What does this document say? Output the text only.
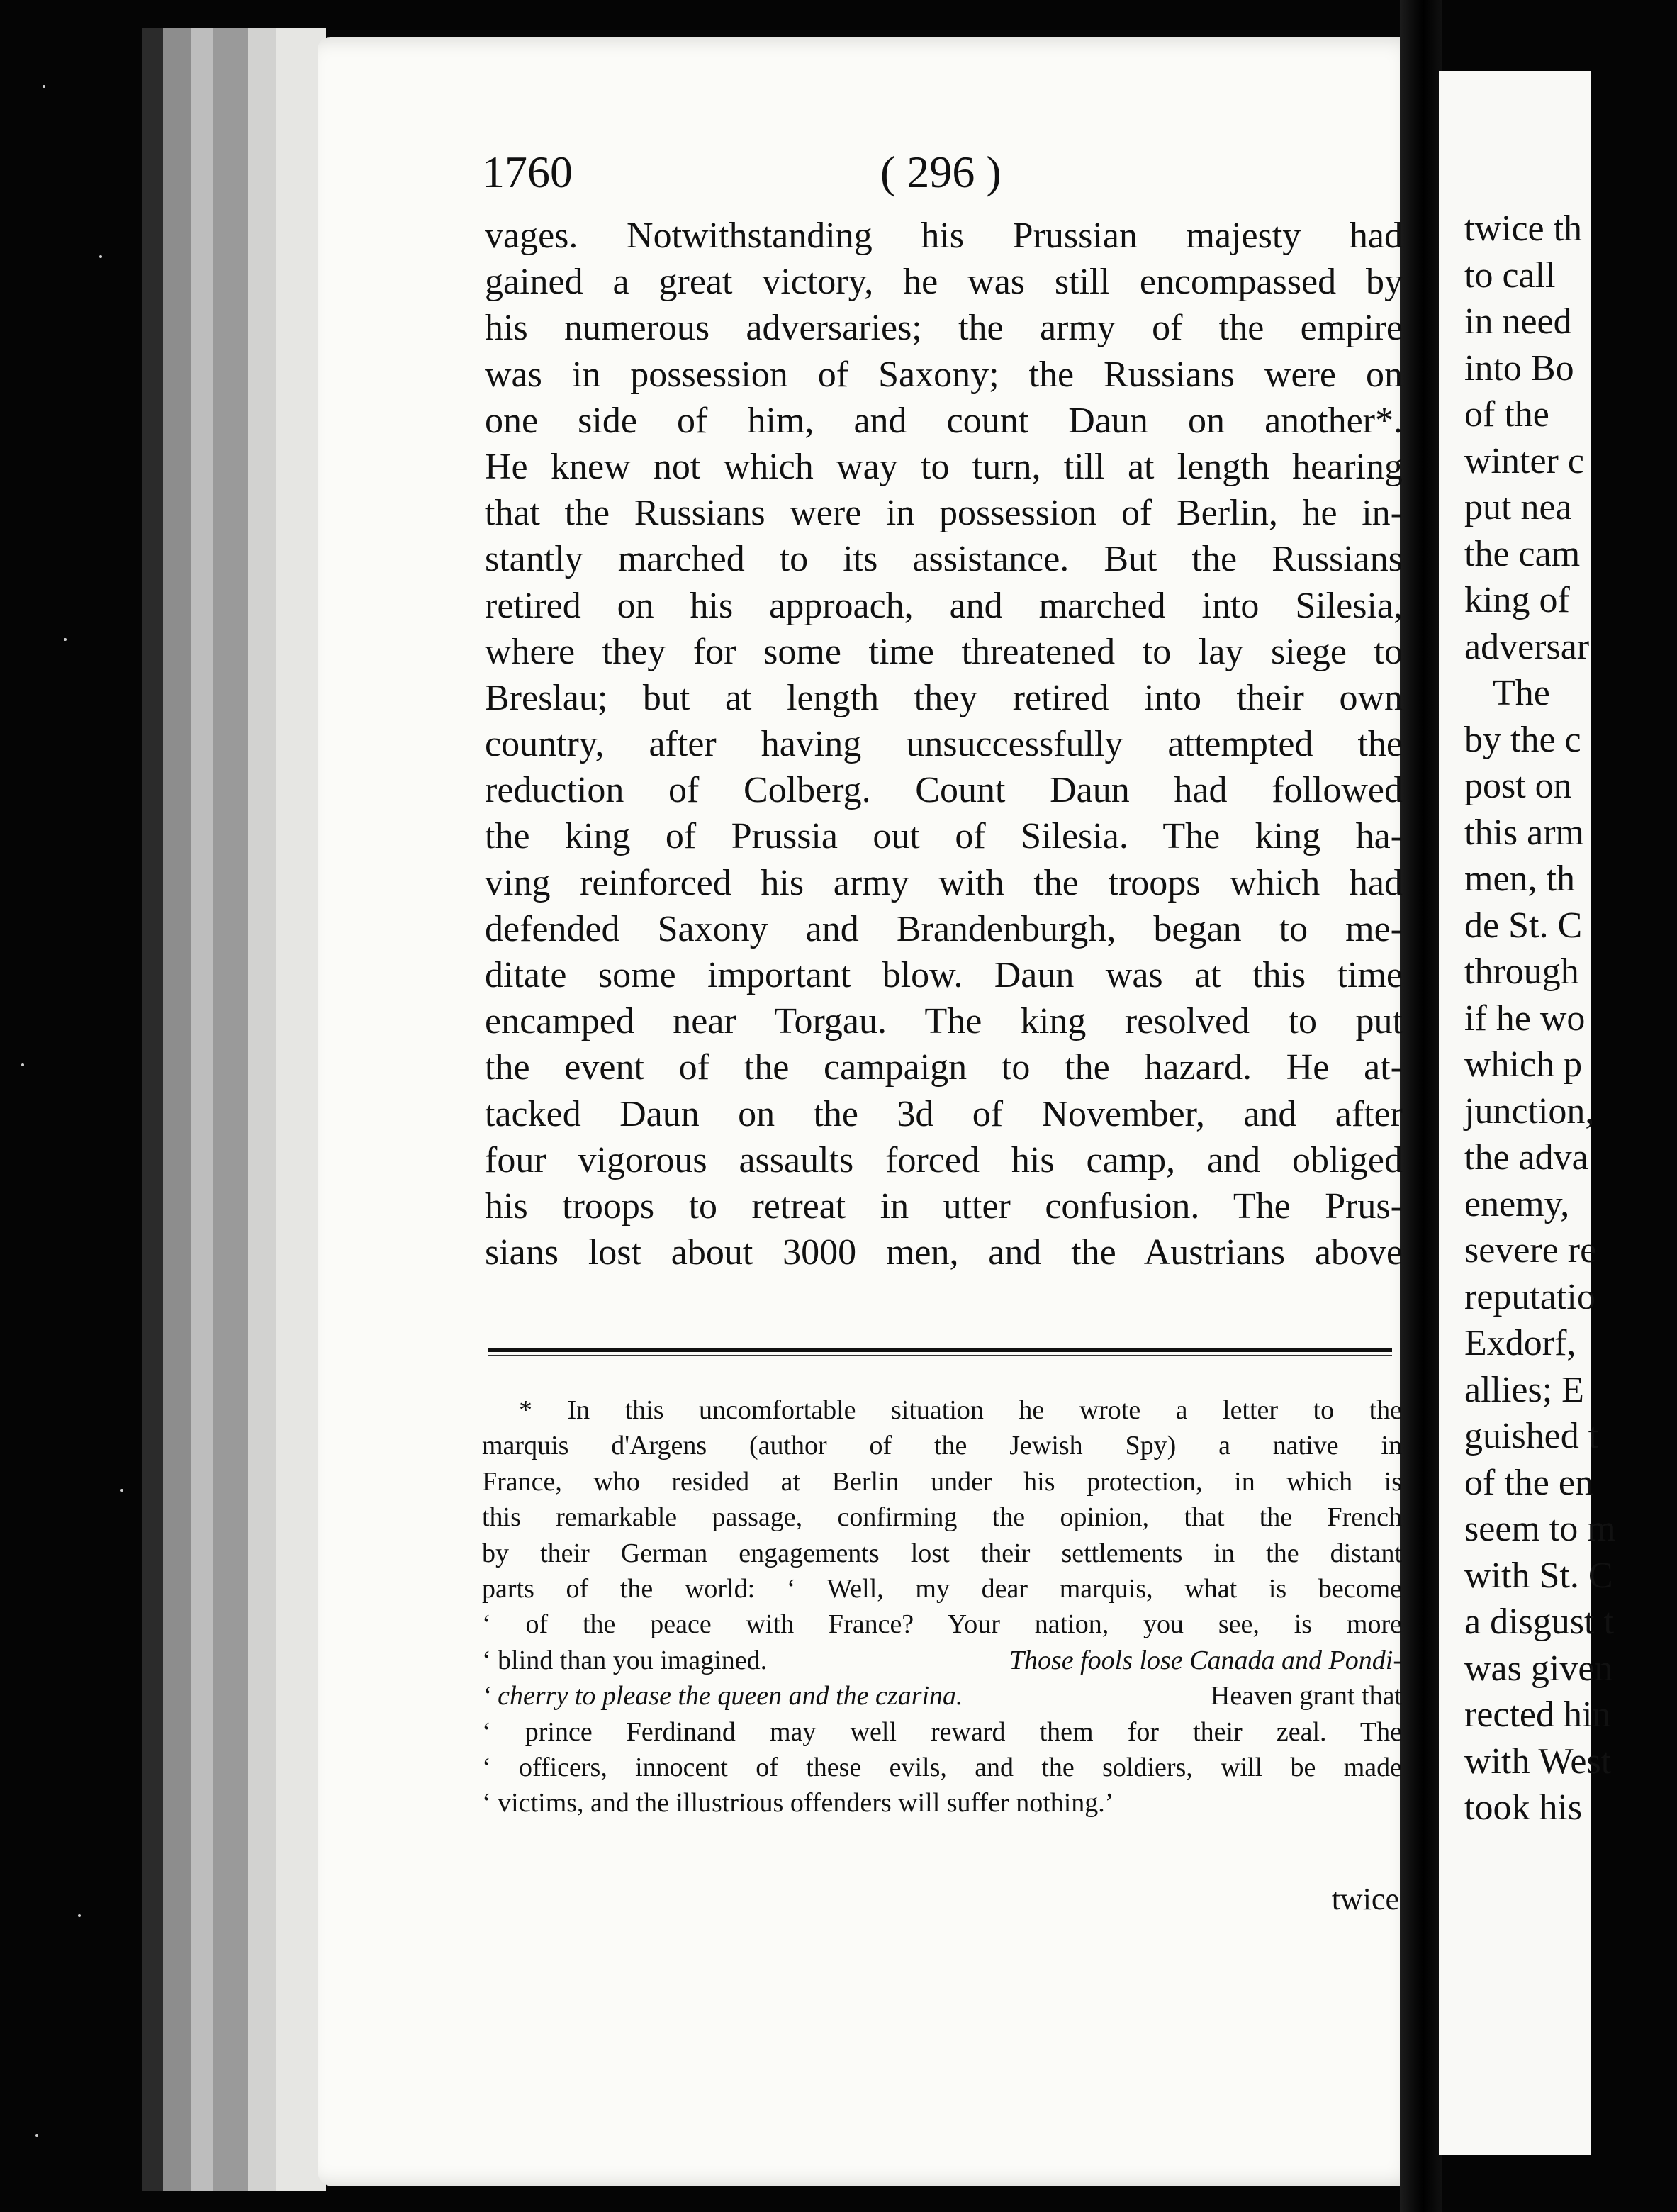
twice th
to call
in need
into Bo
of the
winter c
put nea
the cam
king of
adversar
The
by the c
post on
this arm
men, th
de St. C
through
if he wo
which p
junction,
the adva
enemy,
severe re
reputatio
Exdorf,
allies; E
guished t
of the en
seem to m
with St. C
a disgust t
was given
rected hin
with West
took his
1760	( 296 )
vages. Notwithstanding his Prussian majesty had
gained a great victory, he was still encompassed by
his numerous adversaries; the army of the empire
was in possession of Saxony; the Russians were on
one side of him, and count Daun on another*.
He knew not which way to turn, till at length hearing
that the Russians were in possession of Berlin, he in-
stantly marched to its assistance. But the Russians
retired on his approach, and marched into Silesia,
where they for some time threatened to lay siege to
Breslau; but at length they retired into their own
country, after having unsuccessfully attempted the
reduction of Colberg. Count Daun had followed
the king of Prussia out of Silesia. The king ha-
ving reinforced his army with the troops which had
defended Saxony and Brandenburgh, began to me-
ditate some important blow. Daun was at this time
encamped near Torgau. The king resolved to put
the event of the campaign to the hazard. He at-
tacked Daun on the 3d of November, and after
four vigorous assaults forced his camp, and obliged
his troops to retreat in utter confusion. The Prus-
sians lost about 3000 men, and the Austrians above
* In this uncomfortable situation he wrote a letter to the
marquis d'Argens (author of the Jewish Spy) a native in
France, who resided at Berlin under his protection, in which is
this remarkable passage, confirming the opinion, that the French
by their German engagements lost their settlements in the distant
parts of the world: ‘ Well, my dear marquis, what is become
‘ of the peace with France? Your nation, you see, is more
‘ blind than you imagined.	Those fools lose Canada and Pondi-
‘ cherry to please the queen and the czarina.	Heaven grant that
‘ prince Ferdinand may well reward them for their zeal. The
‘ officers, innocent of these evils, and the soldiers, will be made
‘ victims, and the illustrious offenders will suffer nothing.’
twice
